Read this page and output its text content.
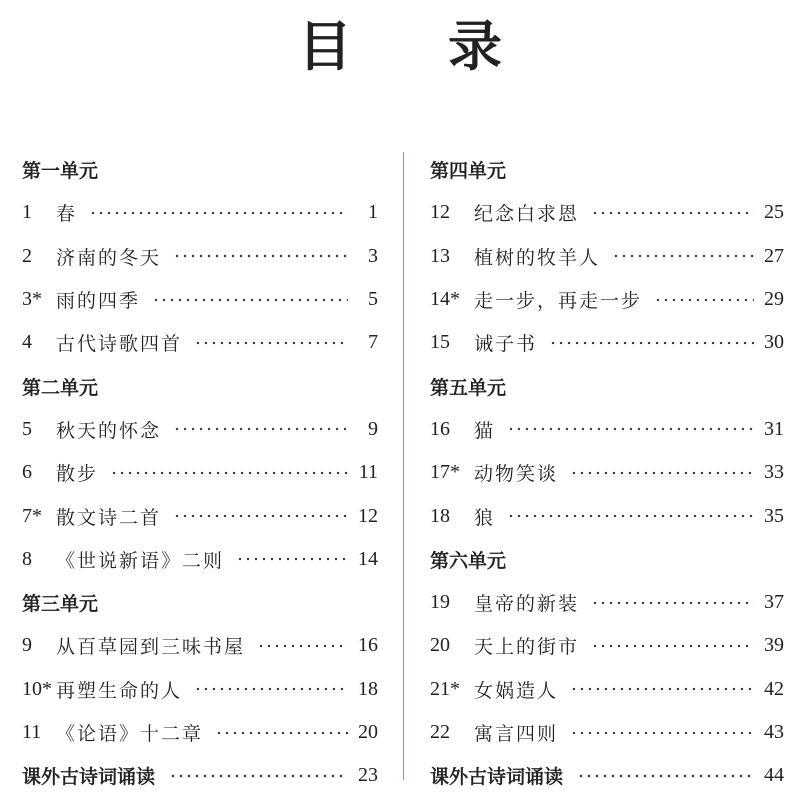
目 录
第一单元
1	春	1
2	济南的冬天	3
3* 雨的四季	5
4	古代诗歌四首	7
第二单元
5	秋天的怀念	9
6	散步	11
7* 散文诗二首	12
8	《世说新语》二则	14
第三单元
9	从百草园到三味书屋	16
10* 再塑生命的人	18
11 《论语》十二章	20
课外古诗词诵读	23
第四单元
12	纪念白求恩	25
13	植树的牧羊人	27
14* 走一步，再走一步	29
15	诫子书	30
第五单元
16	猫	31
17* 动物笑谈	33
18	狼	35
第六单元
19	皇帝的新装	37
20	天上的街市	39
21* 女娲造人	42
22	寓言四则	43
课外古诗词诵读	44
